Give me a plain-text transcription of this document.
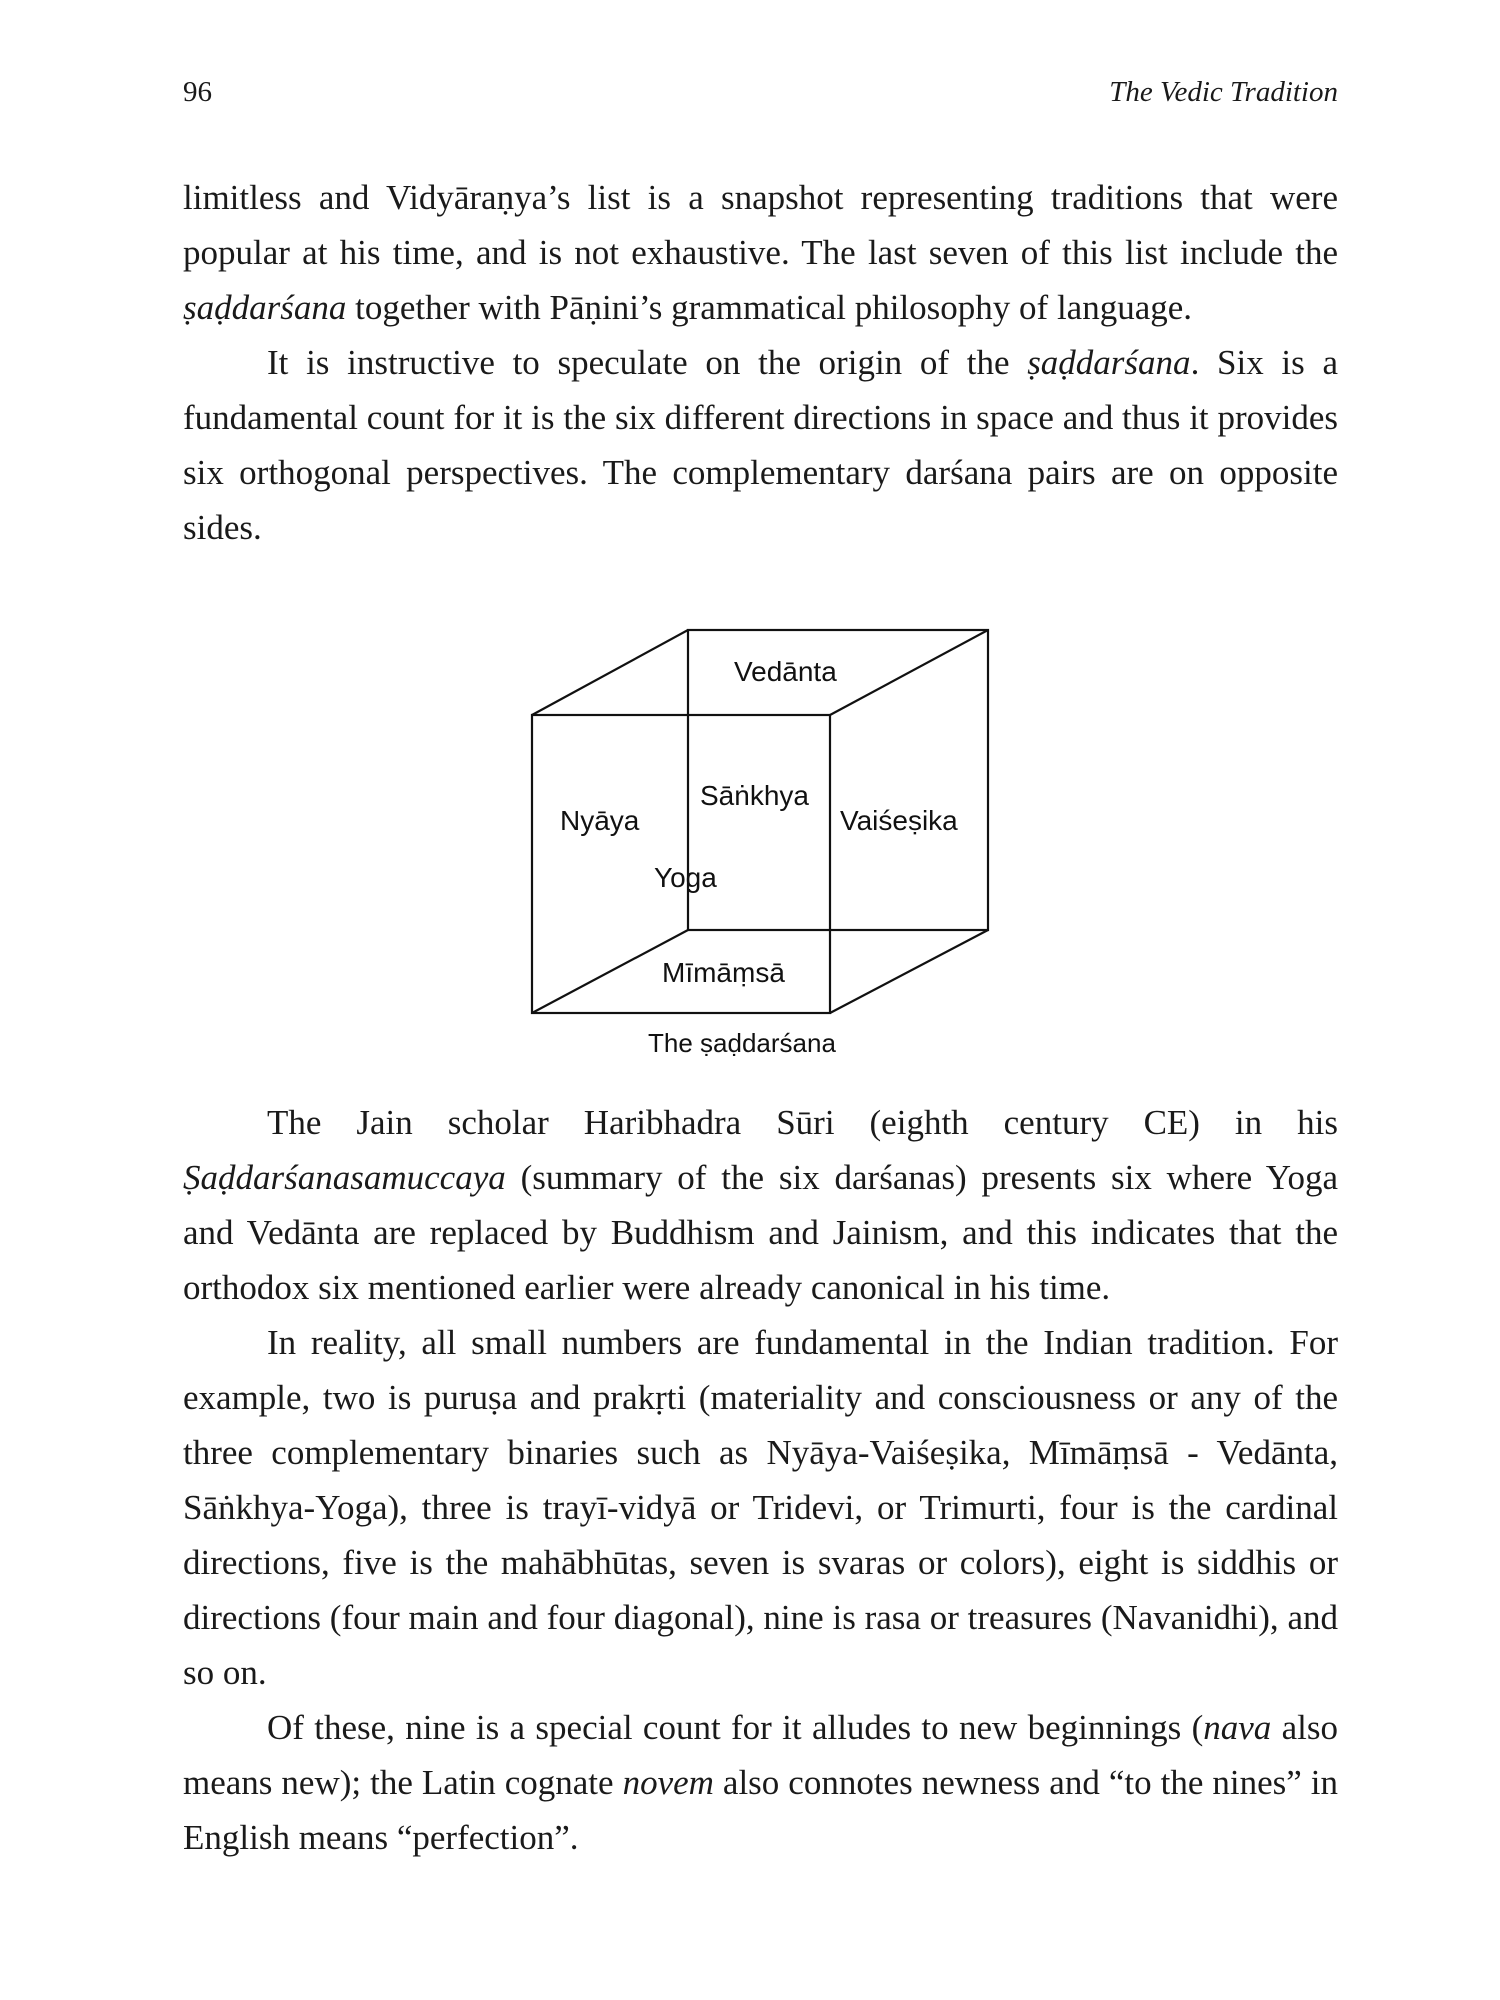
96	The Vedic Tradition

limitless and Vidyāraṇya’s list is a snapshot representing traditions that were popular at his time, and is not exhaustive. The last seven of this list include the ṣaḍdarśana together with Pāṇini’s grammatical philosophy of language.

It is instructive to speculate on the origin of the ṣaḍdarśana. Six is a fundamental count for it is the six different directions in space and thus it provides six orthogonal perspectives. The complementary darśana pairs are on opposite sides.

Vedānta
Nyāya
Sāṅkhya
Vaiśeṣika
Yoga
Mīmāṃsā
The ṣaḍdarśana

The Jain scholar Haribhadra Sūri (eighth century CE) in his Ṣaḍdarśanasamuccaya (summary of the six darśanas) presents six where Yoga and Vedānta are replaced by Buddhism and Jainism, and this indicates that the orthodox six mentioned earlier were already canonical in his time.

In reality, all small numbers are fundamental in the Indian tradition. For example, two is puruṣa and prakṛti (materiality and consciousness or any of the three complementary binaries such as Nyāya-Vaiśeṣika, Mīmāṃsā - Vedānta, Sāṅkhya-Yoga), three is trayī-vidyā or Tridevi, or Trimurti, four is the cardinal directions, five is the mahābhūtas, seven is svaras or colors), eight is siddhis or directions (four main and four diagonal), nine is rasa or treasures (Navanidhi), and so on.

Of these, nine is a special count for it alludes to new beginnings (nava also means new); the Latin cognate novem also connotes newness and “to the nines” in English means “perfection”.
